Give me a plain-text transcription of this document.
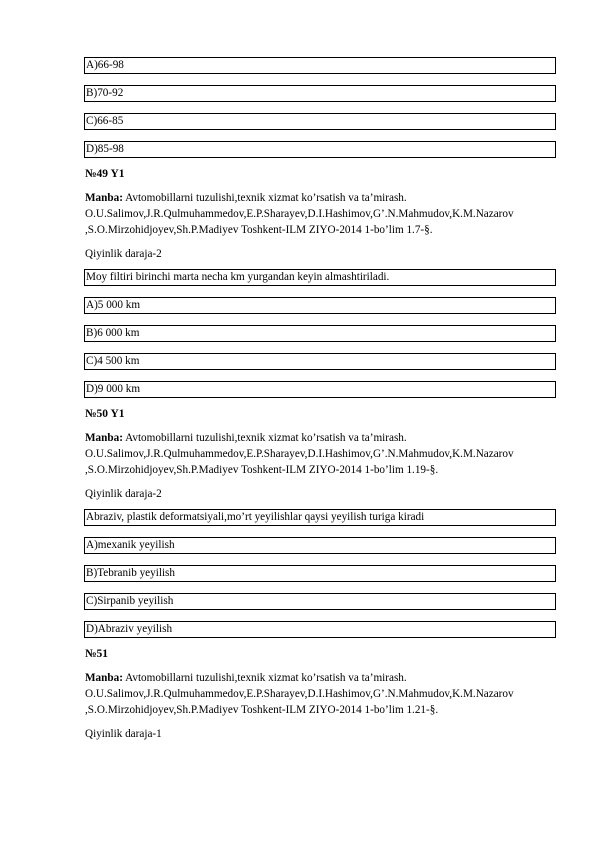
A)66-98
B)70-92
C)66-85
D)85-98
№49 Y1
Manba: Avtomobillarni tuzulishi,texnik xizmat ko’rsatish va ta’mirash.
O.U.Salimov,J.R.Qulmuhammedov,E.P.Sharayev,D.I.Hashimov,G’.N.Mahmudov,K.M.Nazarov
,S.O.Mirzohidjoyev,Sh.P.Madiyev Toshkent-ILM ZIYO-2014 1-bo’lim 1.7-§.
Qiyinlik daraja-2
Moy filtiri birinchi marta necha km yurgandan keyin almashtiriladi.
A)5 000 km
B)6 000 km
C)4 500 km
D)9 000 km
№50 Y1
Manba: Avtomobillarni tuzulishi,texnik xizmat ko’rsatish va ta’mirash.
O.U.Salimov,J.R.Qulmuhammedov,E.P.Sharayev,D.I.Hashimov,G’.N.Mahmudov,K.M.Nazarov
,S.O.Mirzohidjoyev,Sh.P.Madiyev Toshkent-ILM ZIYO-2014 1-bo’lim 1.19-§.
Qiyinlik daraja-2
Abraziv, plastik deformatsiyali,mo’rt yeyilishlar qaysi yeyilish turiga kiradi
A)mexanik yeyilish
B)Tebranib yeyilish
C)Sirpanib yeyilish
D)Abraziv yeyilish
№51
Manba: Avtomobillarni tuzulishi,texnik xizmat ko’rsatish va ta’mirash.
O.U.Salimov,J.R.Qulmuhammedov,E.P.Sharayev,D.I.Hashimov,G’.N.Mahmudov,K.M.Nazarov
,S.O.Mirzohidjoyev,Sh.P.Madiyev Toshkent-ILM ZIYO-2014 1-bo’lim 1.21-§.
Qiyinlik daraja-1
